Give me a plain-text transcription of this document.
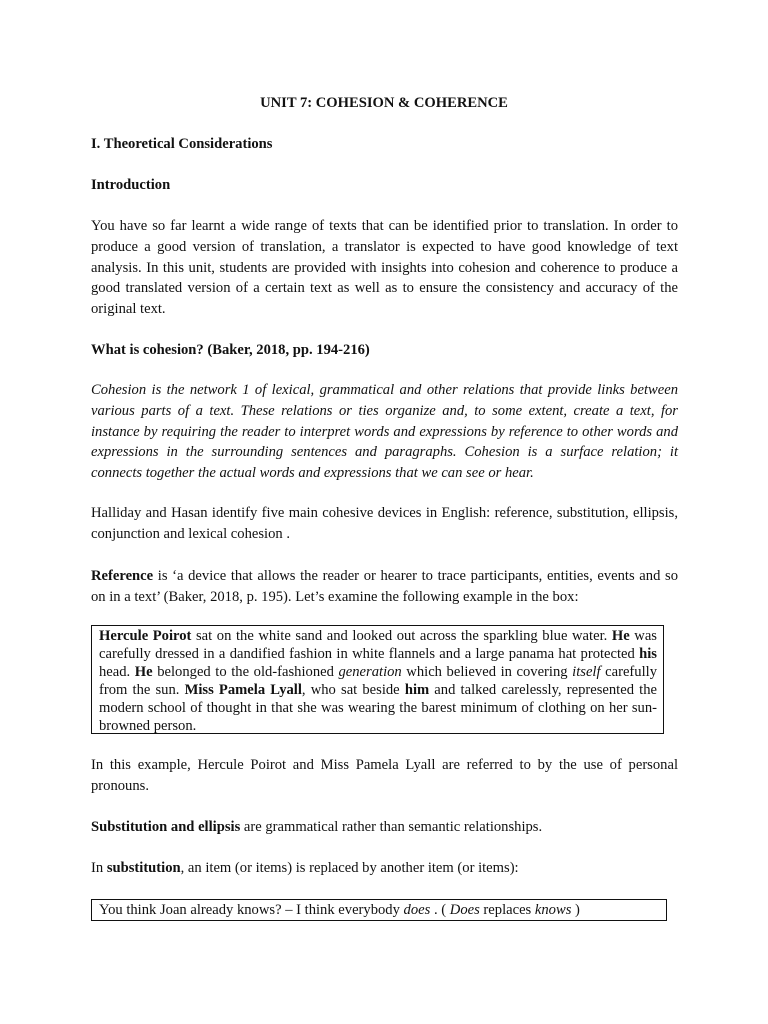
UNIT 7: COHESION & COHERENCE
I. Theoretical Considerations
Introduction
You have so far learnt a wide range of texts that can be identified prior to translation. In order to produce a good version of translation, a translator is expected to have good knowledge of text analysis. In this unit, students are provided with insights into cohesion and coherence to produce a good translated version of a certain text as well as to ensure the consistency and accuracy of the original text.
What is cohesion? (Baker, 2018, pp. 194-216)
Cohesion is the network 1 of lexical, grammatical and other relations that provide links between various parts of a text. These relations or ties organize and, to some extent, create a text, for instance by requiring the reader to interpret words and expressions by reference to other words and expressions in the surrounding sentences and paragraphs. Cohesion is a surface relation; it connects together the actual words and expressions that we can see or hear.
Halliday and Hasan identify five main cohesive devices in English: reference, substitution, ellipsis, conjunction and lexical cohesion .
Reference is ‘a device that allows the reader or hearer to trace participants, entities, events and so on in a text’ (Baker, 2018, p. 195). Let’s examine the following example in the box:
Hercule Poirot sat on the white sand and looked out across the sparkling blue water. He was carefully dressed in a dandified fashion in white flannels and a large panama hat protected his head. He belonged to the old-fashioned generation which believed in covering itself carefully from the sun. Miss Pamela Lyall, who sat beside him and talked carelessly, represented the modern school of thought in that she was wearing the barest minimum of clothing on her sun-browned person.
In this example, Hercule Poirot and Miss Pamela Lyall are referred to by the use of personal pronouns.
Substitution and ellipsis are grammatical rather than semantic relationships.
In substitution, an item (or items) is replaced by another item (or items):
You think Joan already knows? – I think everybody does . ( Does replaces knows )
